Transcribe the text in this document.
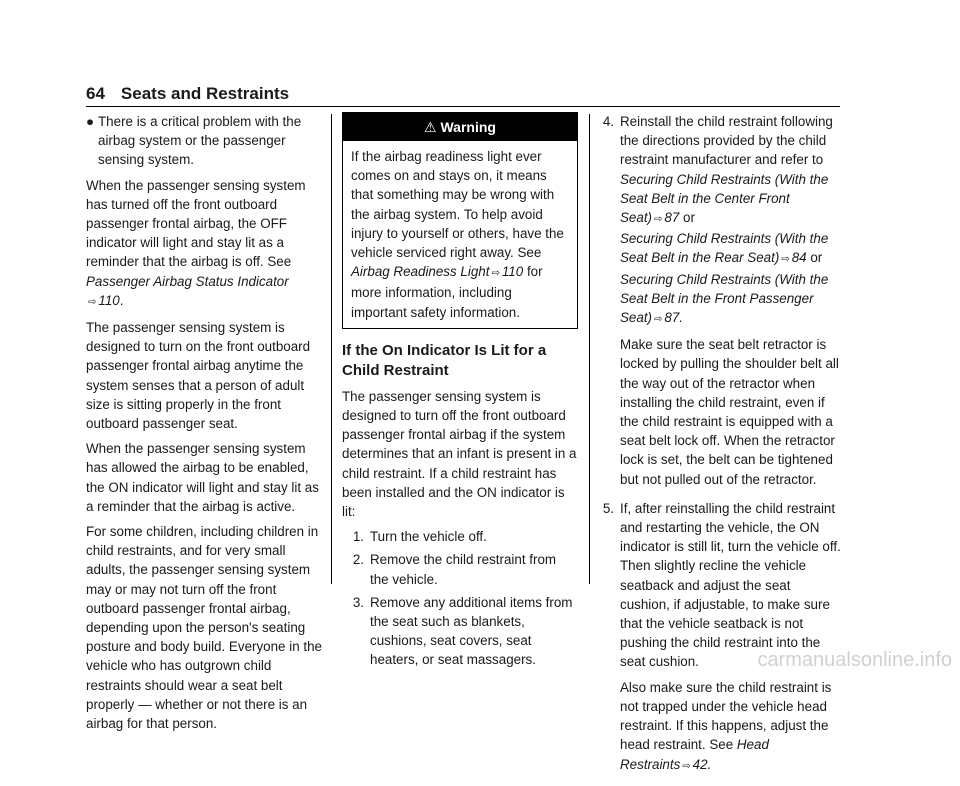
64 Seats and Restraints
● There is a critical problem with the airbag system or the passenger sensing system.

When the passenger sensing system has turned off the front outboard passenger frontal airbag, the OFF indicator will light and stay lit as a reminder that the airbag is off. See Passenger Airbag Status Indicator
⇨ 110.

The passenger sensing system is designed to turn on the front outboard passenger frontal airbag anytime the system senses that a person of adult size is sitting properly in the front outboard passenger seat.

When the passenger sensing system has allowed the airbag to be enabled, the ON indicator will light and stay lit as a reminder that the airbag is active.

For some children, including children in child restraints, and for very small adults, the passenger sensing system may or may not turn off the front outboard passenger frontal airbag, depending upon the person's seating posture and body build. Everyone in the vehicle who has outgrown child restraints should wear a seat belt properly — whether or not there is an airbag for that person.

⚠ Warning
If the airbag readiness light ever comes on and stays on, it means that something may be wrong with the airbag system. To help avoid injury to yourself or others, have the vehicle serviced right away. See Airbag Readiness Light ⇨ 110 for more information, including important safety information.
If the On Indicator Is Lit for a Child Restraint

The passenger sensing system is designed to turn off the front outboard passenger frontal airbag if the system determines that an infant is present in a child restraint. If a child restraint has been installed and the ON indicator is lit:

1. Turn the vehicle off.
2. Remove the child restraint from the vehicle.
3. Remove any additional items from the seat such as blankets, cushions, seat covers, seat heaters, or seat massagers.
4. Reinstall the child restraint following the directions provided by the child restraint manufacturer and refer to Securing Child Restraints (With the Seat Belt in the Center Front Seat) ⇨ 87 or
Securing Child Restraints (With the Seat Belt in the Rear Seat) ⇨ 84 or
Securing Child Restraints (With the Seat Belt in the Front Passenger Seat) ⇨ 87.

Make sure the seat belt retractor is locked by pulling the shoulder belt all the way out of the retractor when installing the child restraint, even if the child restraint is equipped with a seat belt lock off. When the retractor lock is set, the belt can be tightened but not pulled out of the retractor.

5. If, after reinstalling the child restraint and restarting the vehicle, the ON indicator is still lit, turn the vehicle off. Then slightly recline the vehicle seatback and adjust the seat cushion, if adjustable, to make sure that the vehicle seatback is not pushing the child restraint into the seat cushion.

Also make sure the child restraint is not trapped under the vehicle head restraint. If this happens, adjust the head restraint. See Head Restraints ⇨ 42.

carmanualsonline.info
